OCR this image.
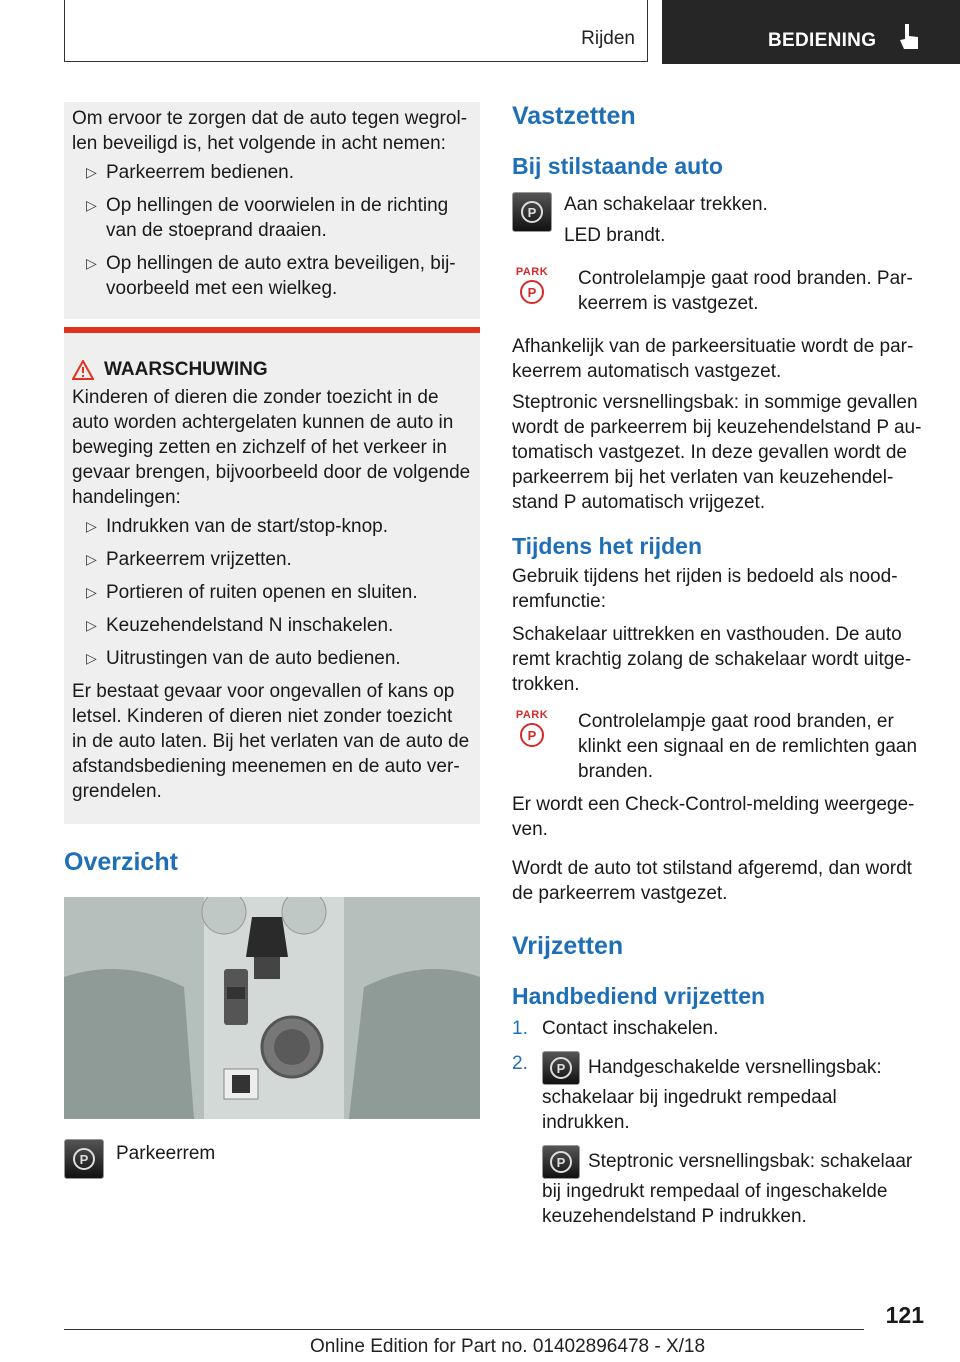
Rijden	BEDIENING

Om ervoor te zorgen dat de auto tegen wegrollen beveiligd is, het volgende in acht nemen:

▷ Parkeerrem bedienen.
▷ Op hellingen de voorwielen in de richting van de stoeprand draaien.
▷ Op hellingen de auto extra beveiligen, bijvoorbeeld met een wielkeg.
WAARSCHUWING

Kinderen of dieren die zonder toezicht in de auto worden achtergelaten kunnen de auto in beweging zetten en zichzelf of het verkeer in gevaar brengen, bijvoorbeeld door de volgende handelingen:

▷ Indrukken van de start/stop-knop.
▷ Parkeerrem vrijzetten.
▷ Portieren of ruiten openen en sluiten.
▷ Keuzehendelstand N inschakelen.
▷ Uitrustingen van de auto bedienen.

Er bestaat gevaar voor ongevallen of kans op letsel. Kinderen of dieren niet zonder toezicht in de auto laten. Bij het verlaten van de auto de afstandsbediening meenemen en de auto vergrendelen.

Overzicht
P	Parkeerrem

Vastzetten
Bij stilstaande auto
P	Aan schakelaar trekken.

LED brandt.

PARK
P

Controlelampje gaat rood branden. Parkeerrem is vastgezet.

Afhankelijk van de parkeersituatie wordt de parkeerrem automatisch vastgezet.

Steptronic versnellingsbak: in sommige gevallen wordt de parkeerrem bij keuzehendelstand P automatisch vastgezet. In deze gevallen wordt de parkeerrem bij het verlaten van keuzehendelstand P automatisch vrijgezet.

Tijdens het rijden

Gebruik tijdens het rijden is bedoeld als noodremfunctie:

Schakelaar uittrekken en vasthouden. De auto remt krachtig zolang de schakelaar wordt uitgetrokken.

PARK
P

Controlelampje gaat rood branden, er klinkt een signaal en de remlichten gaan branden.

Er wordt een Check-Control-melding weergegeven.

Wordt de auto tot stilstand afgeremd, dan wordt de parkeerrem vastgezet.

Vrijzetten
Handbediend vrijzetten
1. Contact inschakelen.
2.	P	Handgeschakelde versnellingsbak: schakelaar bij ingedrukt rempedaal indrukken.

P	Steptronic versnellingsbak: schakelaar bij ingedrukt rempedaal of ingeschakelde keuzehendelstand P indrukken.

121
Online Edition for Part no. 01402896478 - X/18
